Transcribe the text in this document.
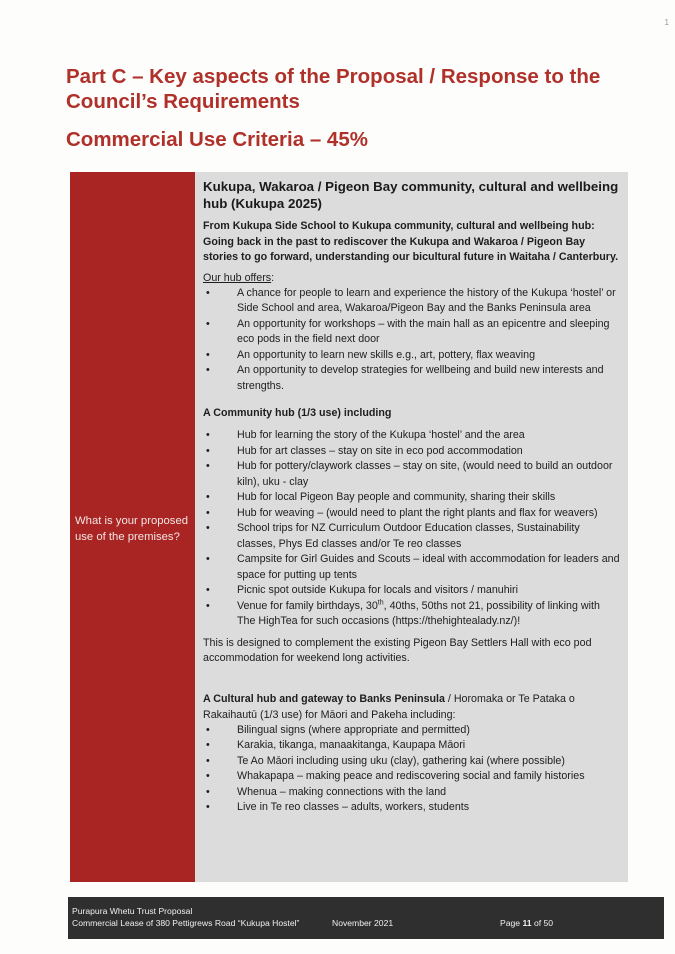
1
Part C – Key aspects of the Proposal / Response to the Council’s Requirements
Commercial Use Criteria – 45%
What is your proposed use of the premises?

Kukupa, Wakaroa / Pigeon Bay community, cultural and wellbeing hub (Kukupa 2025)

From Kukupa Side School to Kukupa community, cultural and wellbeing hub: Going back in the past to rediscover the Kukupa and Wakaroa / Pigeon Bay stories to go forward, understanding our bicultural future in Waitaha / Canterbury.

Our hub offers:

• A chance for people to learn and experience the history of the Kukupa ‘hostel’ or Side School and area, Wakaroa/Pigeon Bay and the Banks Peninsula area
• An opportunity for workshops – with the main hall as an epicentre and sleeping eco pods in the field next door
• An opportunity to learn new skills e.g., art, pottery, flax weaving
• An opportunity to develop strategies for wellbeing and build new interests and strengths.

A Community hub (1/3 use) including

• Hub for learning the story of the Kukupa ‘hostel’ and the area
• Hub for art classes – stay on site in eco pod accommodation
• Hub for pottery/claywork classes – stay on site, (would need to build an outdoor kiln), uku - clay
• Hub for local Pigeon Bay people and community, sharing their skills
• Hub for weaving – (would need to plant the right plants and flax for weavers)
• School trips for NZ Curriculum Outdoor Education classes, Sustainability classes, Phys Ed classes and/or Te reo classes
• Campsite for Girl Guides and Scouts – ideal with accommodation for leaders and space for putting up tents
• Picnic spot outside Kukupa for locals and visitors / manuhiri
• Venue for family birthdays, 30th, 40ths, 50ths not 21, possibility of linking with The HighTea for such occasions (https://thehightealady.nz/)!

This is designed to complement the existing Pigeon Bay Settlers Hall with eco pod accommodation for weekend long activities.

A Cultural hub and gateway to Banks Peninsula / Horomaka or Te Pataka o Rakaihautū (1/3 use) for Māori and Pakeha including:

• Bilingual signs (where appropriate and permitted)
• Karakia, tikanga, manaakitanga, Kaupapa Māori
• Te Ao Māori including using uku (clay), gathering kai (where possible)
• Whakapapa – making peace and rediscovering social and family histories
• Whenua – making connections with the land
• Live in Te reo classes – adults, workers, students
Purapura Whetu Trust Proposal
Commercial Lease of 380 Pettigrews Road “Kukupa Hostel”	November 2021	Page 11 of 50
